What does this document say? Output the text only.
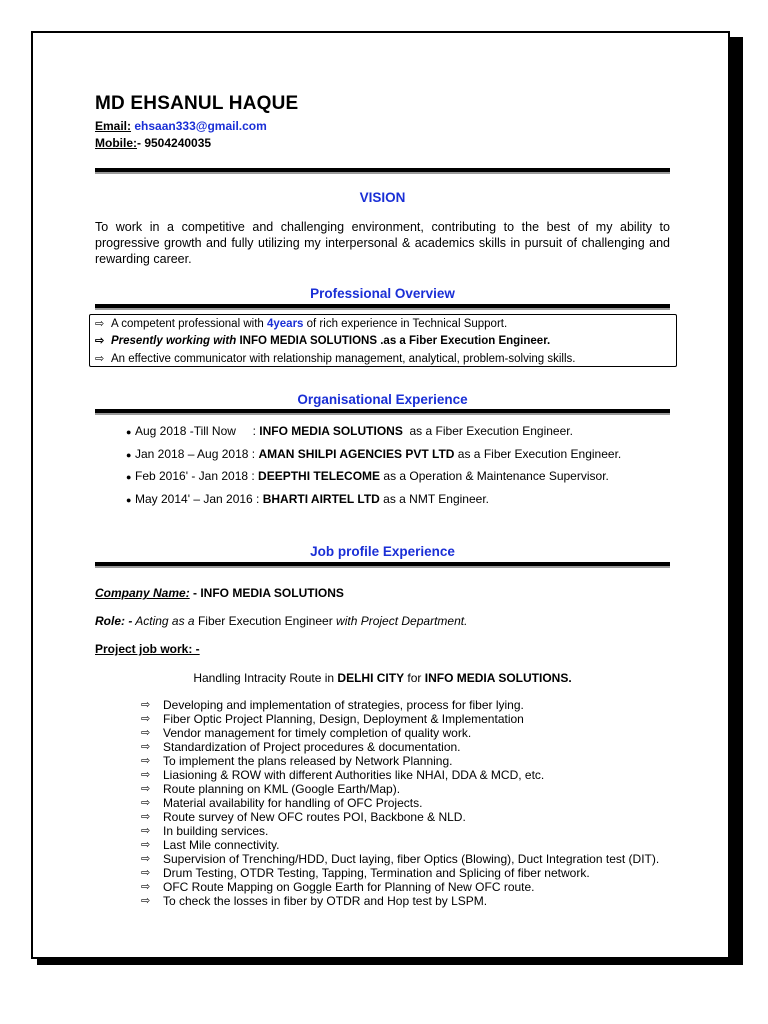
MD EHSANUL HAQUE
Email: ehsaan333@gmail.com
Mobile:- 9504240035
VISION
To work in a competitive and challenging environment, contributing to the best of my ability to progressive growth and fully utilizing my interpersonal & academics skills in pursuit of challenging and rewarding career.
Professional Overview
⇨ A competent professional with 4years of rich experience in Technical Support.
⇨ Presently working with INFO MEDIA SOLUTIONS .as a Fiber Execution Engineer.
⇨ An effective communicator with relationship management, analytical, problem-solving skills.
Organisational Experience
● Aug 2018 -Till Now     : INFO MEDIA SOLUTIONS  as a Fiber Execution Engineer.
● Jan 2018 – Aug 2018 : AMAN SHILPI AGENCIES PVT LTD as a Fiber Execution Engineer.
● Feb 2016' - Jan 2018 : DEEPTHI TELECOME as a Operation & Maintenance Supervisor.
● May 2014' – Jan 2016 : BHARTI AIRTEL LTD as a NMT Engineer.
Job profile Experience
Company Name: - INFO MEDIA SOLUTIONS
Role: - Acting as a Fiber Execution Engineer with Project Department.
Project job work: -
Handling Intracity Route in DELHI CITY for INFO MEDIA SOLUTIONS.
⇨	Developing and implementation of strategies, process for fiber lying.
⇨	Fiber Optic Project Planning, Design, Deployment & Implementation
⇨	Vendor management for timely completion of quality work.
⇨	Standardization of Project procedures & documentation.
⇨	To implement the plans released by Network Planning.
⇨	Liasioning & ROW with different Authorities like NHAI, DDA & MCD, etc.
⇨	Route planning on KML (Google Earth/Map).
⇨	Material availability for handling of OFC Projects.
⇨	Route survey of New OFC routes POI, Backbone & NLD.
⇨	In building services.
⇨	Last Mile connectivity.
⇨	Supervision of Trenching/HDD, Duct laying, fiber Optics (Blowing), Duct Integration test (DIT).
⇨	Drum Testing, OTDR Testing, Tapping, Termination and Splicing of fiber network.
⇨	OFC Route Mapping on Goggle Earth for Planning of New OFC route.
⇨	To check the losses in fiber by OTDR and Hop test by LSPM.
